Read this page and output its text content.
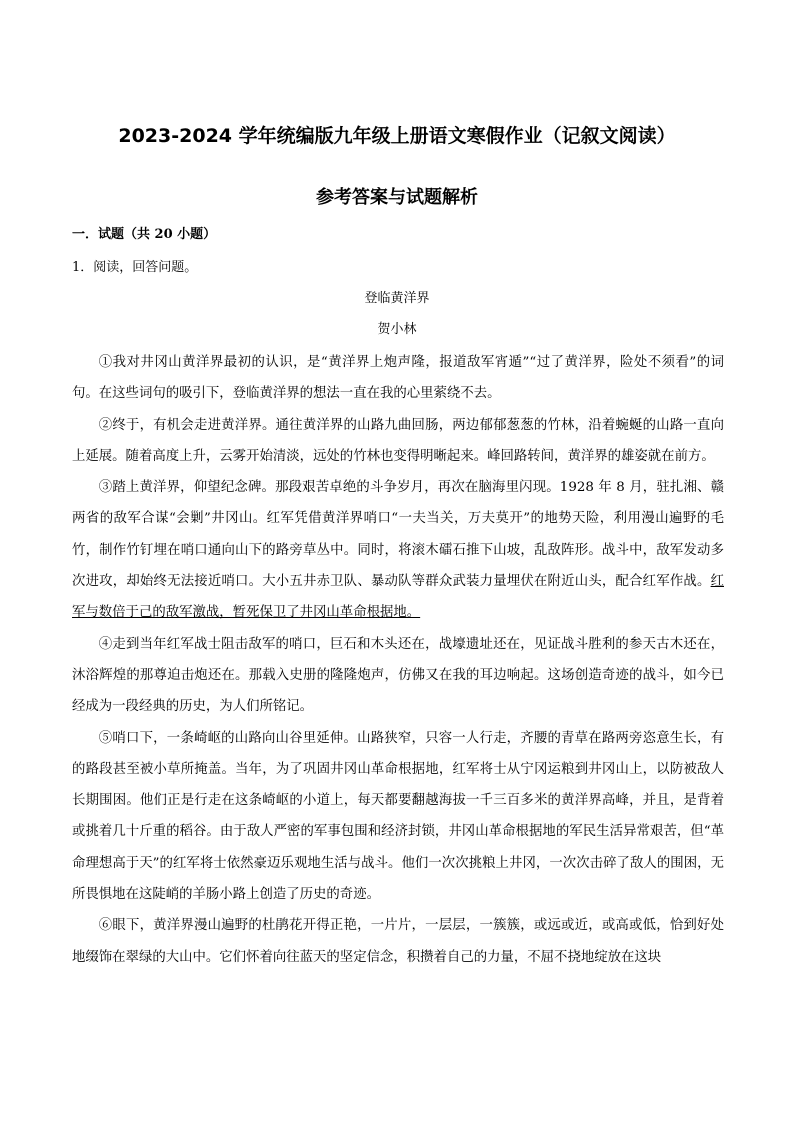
2023-2024 学年统编版九年级上册语文寒假作业（记叙文阅读）
参考答案与试题解析
一．试题（共 20 小题）
1．阅读，回答问题。
登临黄洋界
贺小林

①我对井冈山黄洋界最初的认识，是“黄洋界上炮声隆，报道敌军宵遁”“过了黄洋界，险处不须看”的词句。在这些词句的吸引下，登临黄洋界的想法一直在我的心里萦绕不去。

②终于，有机会走进黄洋界。通往黄洋界的山路九曲回肠，两边郁郁葱葱的竹林，沿着蜿蜒的山路一直向上延展。随着高度上升，云雾开始清淡，远处的竹林也变得明晰起来。峰回路转间，黄洋界的雄姿就在前方。

③踏上黄洋界，仰望纪念碑。那段艰苦卓绝的斗争岁月，再次在脑海里闪现。1928 年 8 月，驻扎湘、赣两省的敌军合谋“会剿”井冈山。红军凭借黄洋界哨口“一夫当关，万夫莫开”的地势天险，利用漫山遍野的毛竹，制作竹钉埋在哨口通向山下的路旁草丛中。同时，将滚木礌石推下山坡，乱敌阵形。战斗中，敌军发动多次进攻，却始终无法接近哨口。大小五井赤卫队、暴动队等群众武装力量埋伏在附近山头，配合红军作战。红军与数倍于己的敌军激战，暂死保卫了井冈山革命根据地。

④走到当年红军战士阻击敌军的哨口，巨石和木头还在，战壕遗址还在，见证战斗胜利的参天古木还在，沐浴辉煌的那尊迫击炮还在。那载入史册的隆隆炮声，仿佛又在我的耳边响起。这场创造奇迹的战斗，如今已经成为一段经典的历史，为人们所铭记。

⑤哨口下，一条崎岖的山路向山谷里延伸。山路狭窄，只容一人行走，齐腰的青草在路两旁恣意生长，有的路段甚至被小草所掩盖。当年，为了巩固井冈山革命根据地，红军将士从宁冈运粮到井冈山上，以防被敌人长期围困。他们正是行走在这条崎岖的小道上，每天都要翻越海拔一千三百多米的黄洋界高峰，并且，是背着或挑着几十斤重的稻谷。由于敌人严密的军事包围和经济封锁，井冈山革命根据地的军民生活异常艰苦，但“革命理想高于天”的红军将士依然豪迈乐观地生活与战斗。他们一次次挑粮上井冈，一次次击碎了敌人的围困，无所畏惧地在这陡峭的羊肠小路上创造了历史的奇迹。

⑥眼下，黄洋界漫山遍野的杜鹃花开得正艳，一片片，一层层，一簇簇，或远或近，或高或低，恰到好处地缀饰在翠绿的大山中。它们怀着向往蓝天的坚定信念，积攒着自己的力量，不屈不挠地绽放在这块
